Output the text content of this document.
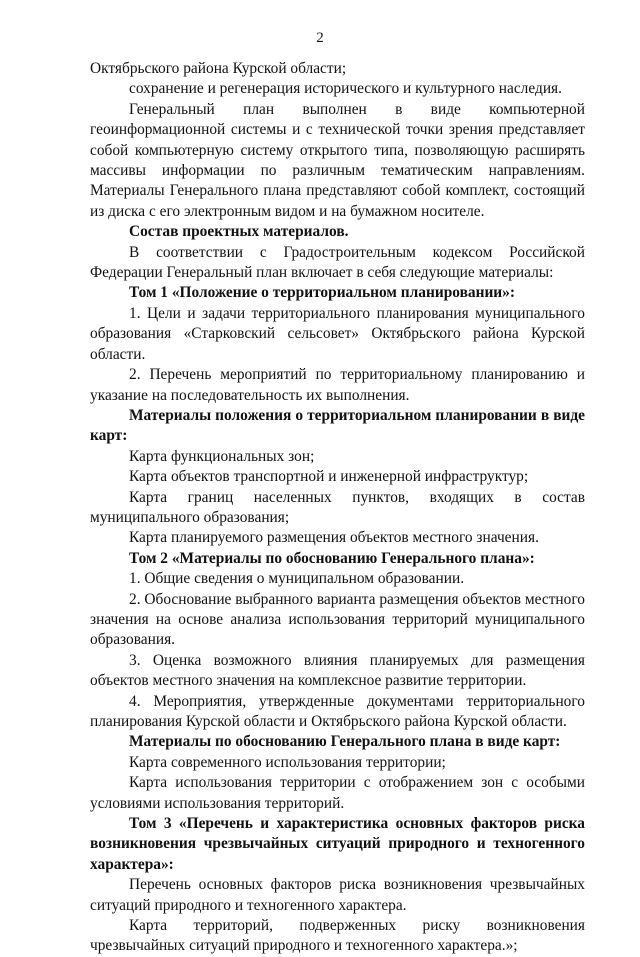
2

Октябрьского района Курской области;

сохранение и регенерация исторического и культурного наследия.

Генеральный план выполнен в виде компьютерной геоинформационной системы и с технической точки зрения представляет собой компьютерную систему открытого типа, позволяющую расширять массивы информации по различным тематическим направлениям. Материалы Генерального плана представляют собой комплект, состоящий из диска с его электронным видом и на бумажном носителе.

Состав проектных материалов.

В соответствии с Градостроительным кодексом Российской Федерации Генеральный план включает в себя следующие материалы:

Том 1 «Положение о территориальном планировании»:

1. Цели и задачи территориального планирования муниципального образования «Старковский сельсовет» Октябрьского района Курской области.

2. Перечень мероприятий по территориальному планированию и указание на последовательность их выполнения.

Материалы положения о территориальном планировании в виде карт:

Карта функциональных зон;

Карта объектов транспортной и инженерной инфраструктур;

Карта границ населенных пунктов, входящих в состав муниципального образования;

Карта планируемого размещения объектов местного значения.

Том 2 «Материалы по обоснованию Генерального плана»:

1. Общие сведения о муниципальном образовании.

2. Обоснование выбранного варианта размещения объектов местного значения на основе анализа использования территорий муниципального образования.

3. Оценка возможного влияния планируемых для размещения объектов местного значения на комплексное развитие территории.

4. Мероприятия, утвержденные документами территориального планирования Курской области и Октябрьского района Курской области.

Материалы по обоснованию Генерального плана в виде карт:

Карта современного использования территории;

Карта использования территории с отображением зон с особыми условиями использования территорий.

Том 3 «Перечень и характеристика основных факторов риска возникновения чрезвычайных ситуаций природного и техногенного характера»:

Перечень основных факторов риска возникновения чрезвычайных ситуаций природного и техногенного характера.

Карта территорий, подверженных риску возникновения чрезвычайных ситуаций природного и техногенного характера.»;
